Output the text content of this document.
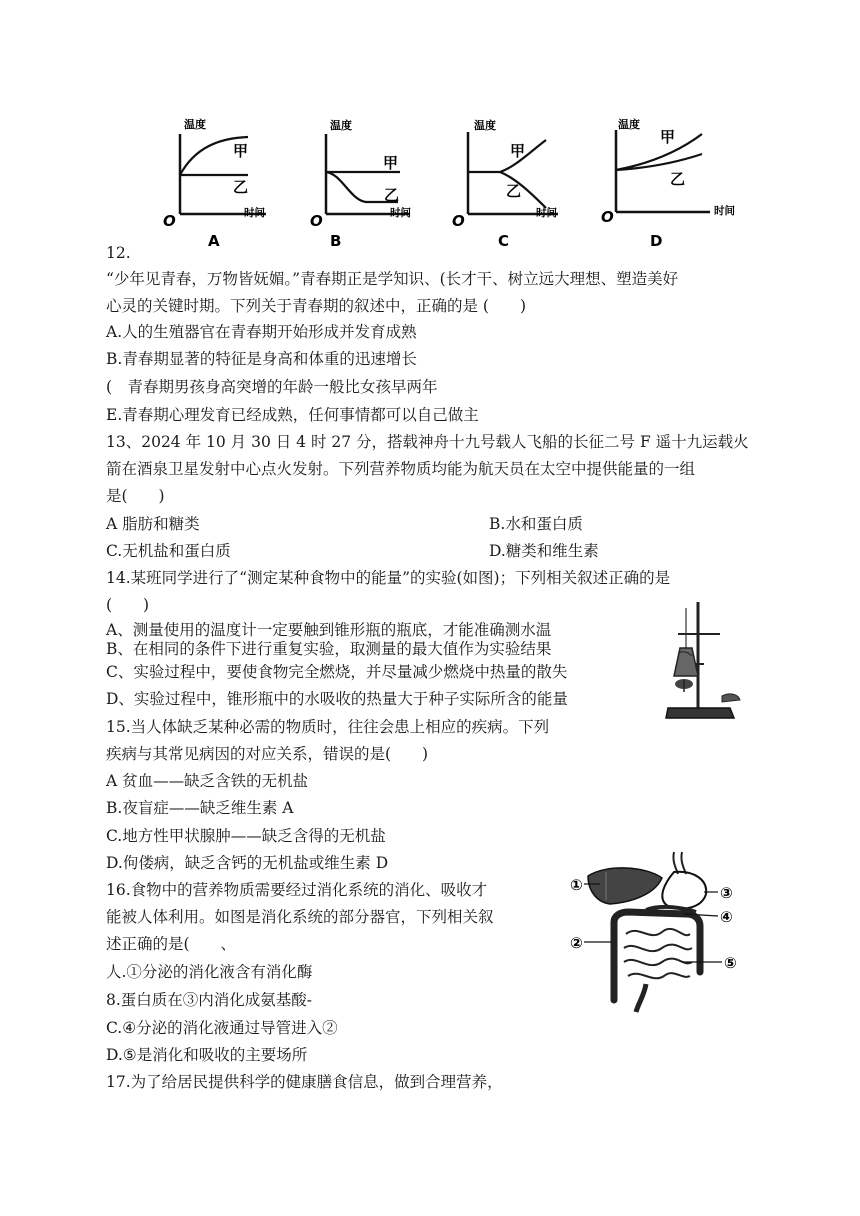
温度
甲
乙
O	时间
A
温度
甲
乙
O	时间
B
温度
甲
乙
O	时间
C
温度
甲
乙
O	时间
D
12.
“少年见青春，万物皆妩媚。”青春期正是学知识、(长才干、树立远大理想、塑造美好
心灵的关键时期。下列关于青春期的叙述中，正确的是 (　　)
A.人的生殖器官在青春期开始形成并发育成熟
B.青春期显著的特征是身高和体重的迅速增长
(　青春期男孩身高突增的年龄一般比女孩早两年
E.青春期心理发育已经成熟，任何事情都可以自己做主
13、2024 年 10 月 30 日 4 时 27 分，搭载神舟十九号载人飞船的长征二号 F 遥十九运载火
箭在酒泉卫星发射中心点火发射。下列营养物质均能为航天员在太空中提供能量的一组
是(　　)
A 脂肪和糖类	B.水和蛋白质
C.无机盐和蛋白质	D.糖类和维生素
14.某班同学进行了“测定某种食物中的能量”的实验(如图)；下列相关叙述正确的是
(　　)
A、测量使用的温度计一定要触到锥形瓶的瓶底，才能准确测水温
B、在相同的条件下进行重复实验，取测量的最大值作为实验结果
C、实验过程中，要使食物完全燃烧，并尽量减少燃烧中热量的散失
D、实验过程中，锥形瓶中的水吸收的热量大于种子实际所含的能量
15.当人体缺乏某种必需的物质时，往往会患上相应的疾病。下列
疾病与其常见病因的对应关系，错误的是(　　)
A 贫血——缺乏含铁的无机盐
B.夜盲症——缺乏维生素 A
C.地方性甲状腺肿——缺乏含得的无机盐
D.佝偻病，缺乏含钙的无机盐或维生素 D
16.食物中的营养物质需要经过消化系统的消化、吸收才
能被人体利用。如图是消化系统的部分器官，下列相关叙
述正确的是(　　、
人.①分泌的消化液含有消化酶
8.蛋白质在③内消化成氨基酸-
C.④分泌的消化液通过导管进入②
D.⑤是消化和吸收的主要场所
①
②
③
④
⑤
17.为了给居民提供科学的健康膳食信息，做到合理营养，
